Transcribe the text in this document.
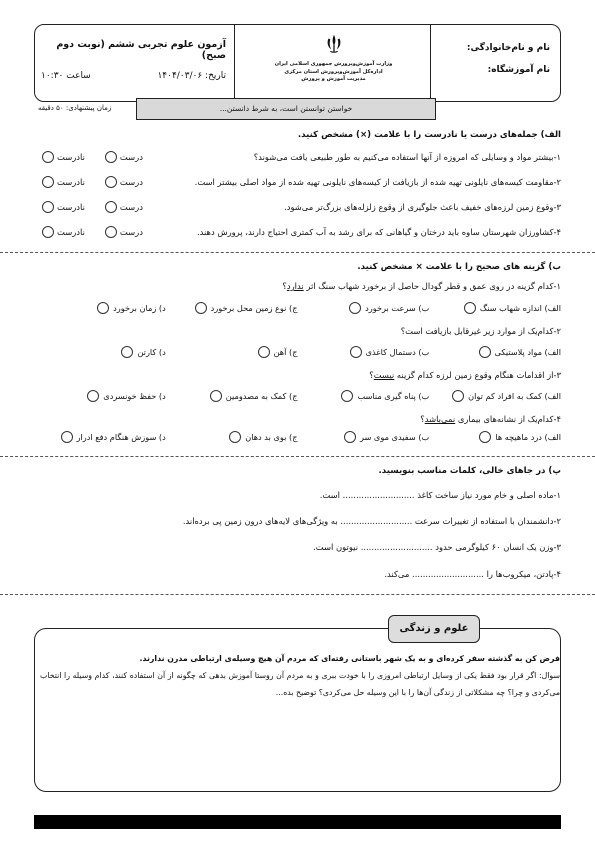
نام و نام‌خانوادگی:
نام آموزشگاه:
وزارت آموزش‌وپرورش جمهوری اسلامی ایران
اداره‌کل آموزش‌وپرورش استان مرکزی
مدیریت آموزش و پرورش
آزمون علوم تجربی ششم (نوبت دوم صبح)
تاریخ: ۱۴۰۴/۰۳/۰۶
ساعت ۱۰:۳۰
زمان پیشنهادی: ۵۰ دقیقه	خواستن توانستن است، به شرط دانستن...
الف) جمله‌های درست یا نادرست را با علامت (×) مشخص کنید.
۱-بیشتر مواد و وسایلی که امروزه از آنها استفاده می‌کنیم به طور طبیعی یافت می‌شوند؟
نادرست	درست
۲-مقاومت کیسه‌های نایلونی تهیه شده از بازیافت از کیسه‌های نایلونی تهیه شده از مواد اصلی بیشتر است.
نادرست	درست
۳-وقوع زمین لرزه‌های خفیف باعث جلوگیری از وقوع زلزله‌های بزرگ‌تر می‌شود.
نادرست	درست
۴-کشاورزان شهرستان ساوه باید درختان و گیاهانی که برای رشد به آب کمتری احتیاج دارند، پرورش دهند.
نادرست	درست
ب) گزینه های صحیح را با علامت × مشخص کنید.
۱-کدام گزینه در روی عمق و قطر گودال حاصل از برخورد شهاب سنگ اثر ندارد؟
الف) اندازه شهاب سنگ
ب) سرعت برخورد
ج) نوع زمین محل برخورد
د) زمان برخورد
۲-کدام‌یک از موارد زیر غیرقابل بازیافت است؟
الف) مواد پلاستیکی
ب) دستمال کاغذی
ج) آهن
د) کارتن
۳-از اقدامات هنگام وقوع زمین لرزه کدام گزینه نیست؟
الف) کمک به افراد کم توان
ب) پناه گیری مناسب
ج) کمک به مصدومین
د) حفظ خونسردی
۴-کدام‌یک از نشانه‌های بیماری نمی‌باشد؟
الف) درد ماهیچه ها
ب) سفیدی موی سر
ج) بوی بد دهان
د) سوزش هنگام دفع ادرار
پ) در جاهای خالی، کلمات مناسب بنویسید.
۱-ماده اصلی و خام مورد نیاز ساخت کاغذ ........................... است.
۲-دانشمندان با استفاده از تغییرات سرعت ........................... به ویژگی‌های لایه‌های درون زمین پی برده‌اند.
۳-وزن یک انسان ۶۰ کیلوگرمی حدود ........................... نیوتون است.
۴-پادتن، میکروب‌ها را ........................... می‌کند.
علوم و زندگی
فرض کن به گذشته سفر کرده‌ای و به یک شهر باستانی رفته‌ای که مردم آن هیچ وسیله‌ی ارتباطی مدرن ندارند.
سوال: اگر قرار بود فقط یکی از وسایل ارتباطی امروزی را با خودت ببری و به مردم آن روستا آموزش بدهی که چگونه از آن استفاده کنند، کدام وسیله را انتخاب می‌کردی و چرا؟ چه مشکلاتی از زندگی آن‌ها را با این وسیله حل می‌کردی؟ توضیح بده...
